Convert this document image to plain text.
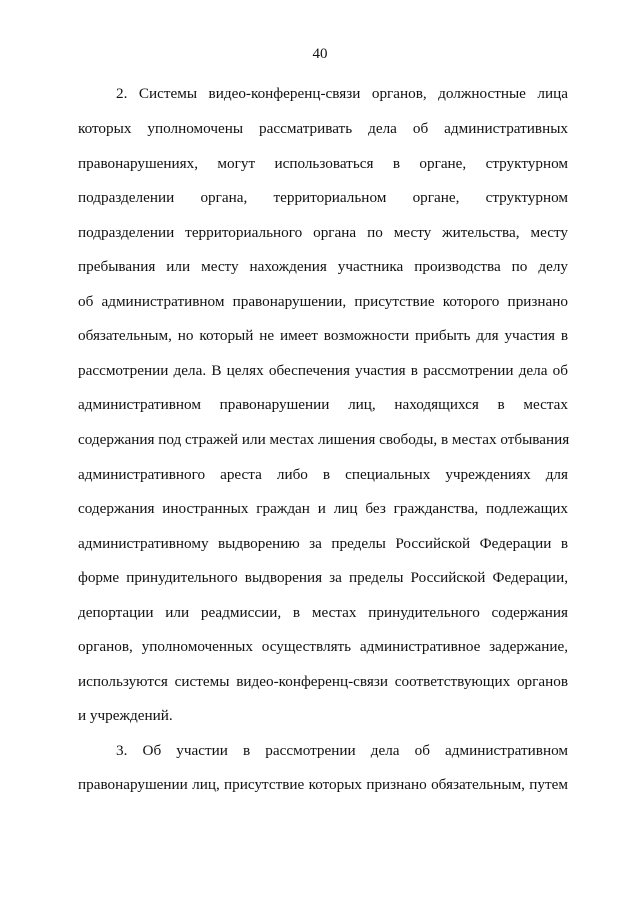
40
2. Системы видео-конференц-связи органов, должностные лица
которых уполномочены рассматривать дела об административных
правонарушениях, могут использоваться в органе, структурном
подразделении органа, территориальном органе, структурном
подразделении территориального органа по месту жительства, месту
пребывания или месту нахождения участника производства по делу
об административном правонарушении, присутствие которого признано
обязательным, но который не имеет возможности прибыть для участия в
рассмотрении дела. В целях обеспечения участия в рассмотрении дела об
административном правонарушении лиц, находящихся в местах
содержания под стражей или местах лишения свободы, в местах отбывания
административного ареста либо в специальных учреждениях для
содержания иностранных граждан и лиц без гражданства, подлежащих
административному выдворению за пределы Российской Федерации в
форме принудительного выдворения за пределы Российской Федерации,
депортации или реадмиссии, в местах принудительного содержания
органов, уполномоченных осуществлять административное задержание,
используются системы видео-конференц-связи соответствующих органов
и учреждений.
3. Об участии в рассмотрении дела об административном
правонарушении лиц, присутствие которых признано обязательным, путем
